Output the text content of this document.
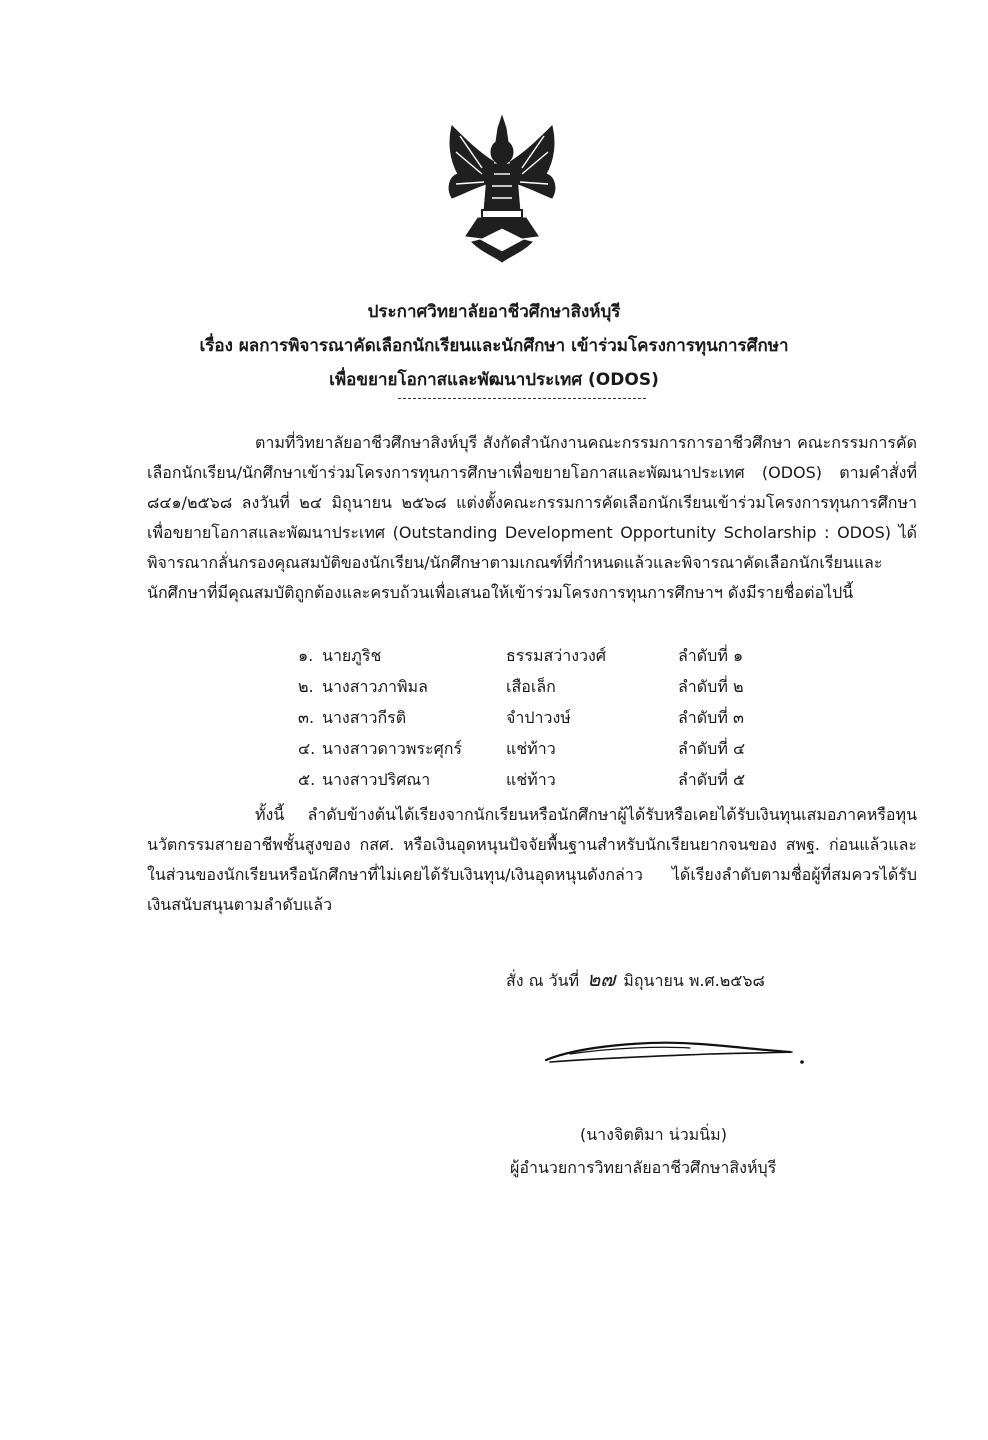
ประกาศวิทยาลัยอาชีวศึกษาสิงห์บุรี
เรื่อง ผลการพิจารณาคัดเลือกนักเรียนและนักศึกษา เข้าร่วมโครงการทุนการศึกษา
เพื่อขยายโอกาสและพัฒนาประเทศ (ODOS)

ตามที่วิทยาลัยอาชีวศึกษาสิงห์บุรี สังกัดสำนักงานคณะกรรมการการอาชีวศึกษา คณะกรรมการคัดเลือกนักเรียน/นักศึกษาเข้าร่วมโครงการทุนการศึกษาเพื่อขยายโอกาสและพัฒนาประเทศ (ODOS) ตามคำสั่งที่ ๘๔๑/๒๕๖๘ ลงวันที่ ๒๔ มิถุนายน ๒๕๖๘ แต่งตั้งคณะกรรมการคัดเลือกนักเรียนเข้าร่วมโครงการทุนการศึกษาเพื่อขยายโอกาสและพัฒนาประเทศ (Outstanding Development Opportunity Scholarship : ODOS) ได้พิจารณากลั่นกรองคุณสมบัติของนักเรียน/นักศึกษาตามเกณฑ์ที่กำหนดแล้วและพิจารณาคัดเลือกนักเรียนและนักศึกษาที่มีคุณสมบัติถูกต้องและครบถ้วนเพื่อเสนอให้เข้าร่วมโครงการทุนการศึกษาฯ ดังมีรายชื่อต่อไปนี้

๑. นายภูริช	ธรรมสว่างวงศ์	ลำดับที่ ๑
๒. นางสาวภาพิมล	เสือเล็ก	ลำดับที่ ๒
๓. นางสาวกีรติ	จำปาวงษ์	ลำดับที่ ๓
๔. นางสาวดาวพระศุกร์	แช่ท้าว	ลำดับที่ ๔
๕. นางสาวปริศณา	แช่ท้าว	ลำดับที่ ๕

ทั้งนี้ ลำดับข้างต้นได้เรียงจากนักเรียนหรือนักศึกษาผู้ได้รับหรือเคยได้รับเงินทุนเสมอภาคหรือทุนนวัตกรรมสายอาชีพชั้นสูงของ กสศ. หรือเงินอุดหนุนปัจจัยพื้นฐานสำหรับนักเรียนยากจนของ สพฐ. ก่อนแล้วและในส่วนของนักเรียนหรือนักศึกษาที่ไม่เคยได้รับเงินทุน/เงินอุดหนุนดังกล่าว ได้เรียงลำดับตามชื่อผู้ที่สมควรได้รับเงินสนับสนุนตามลำดับแล้ว

สั่ง ณ วันที่ ๒๗ มิถุนายน พ.ศ.๒๕๖๘
(นางจิตติมา น่วมนิ่ม)
ผู้อำนวยการวิทยาลัยอาชีวศึกษาสิงห์บุรี
